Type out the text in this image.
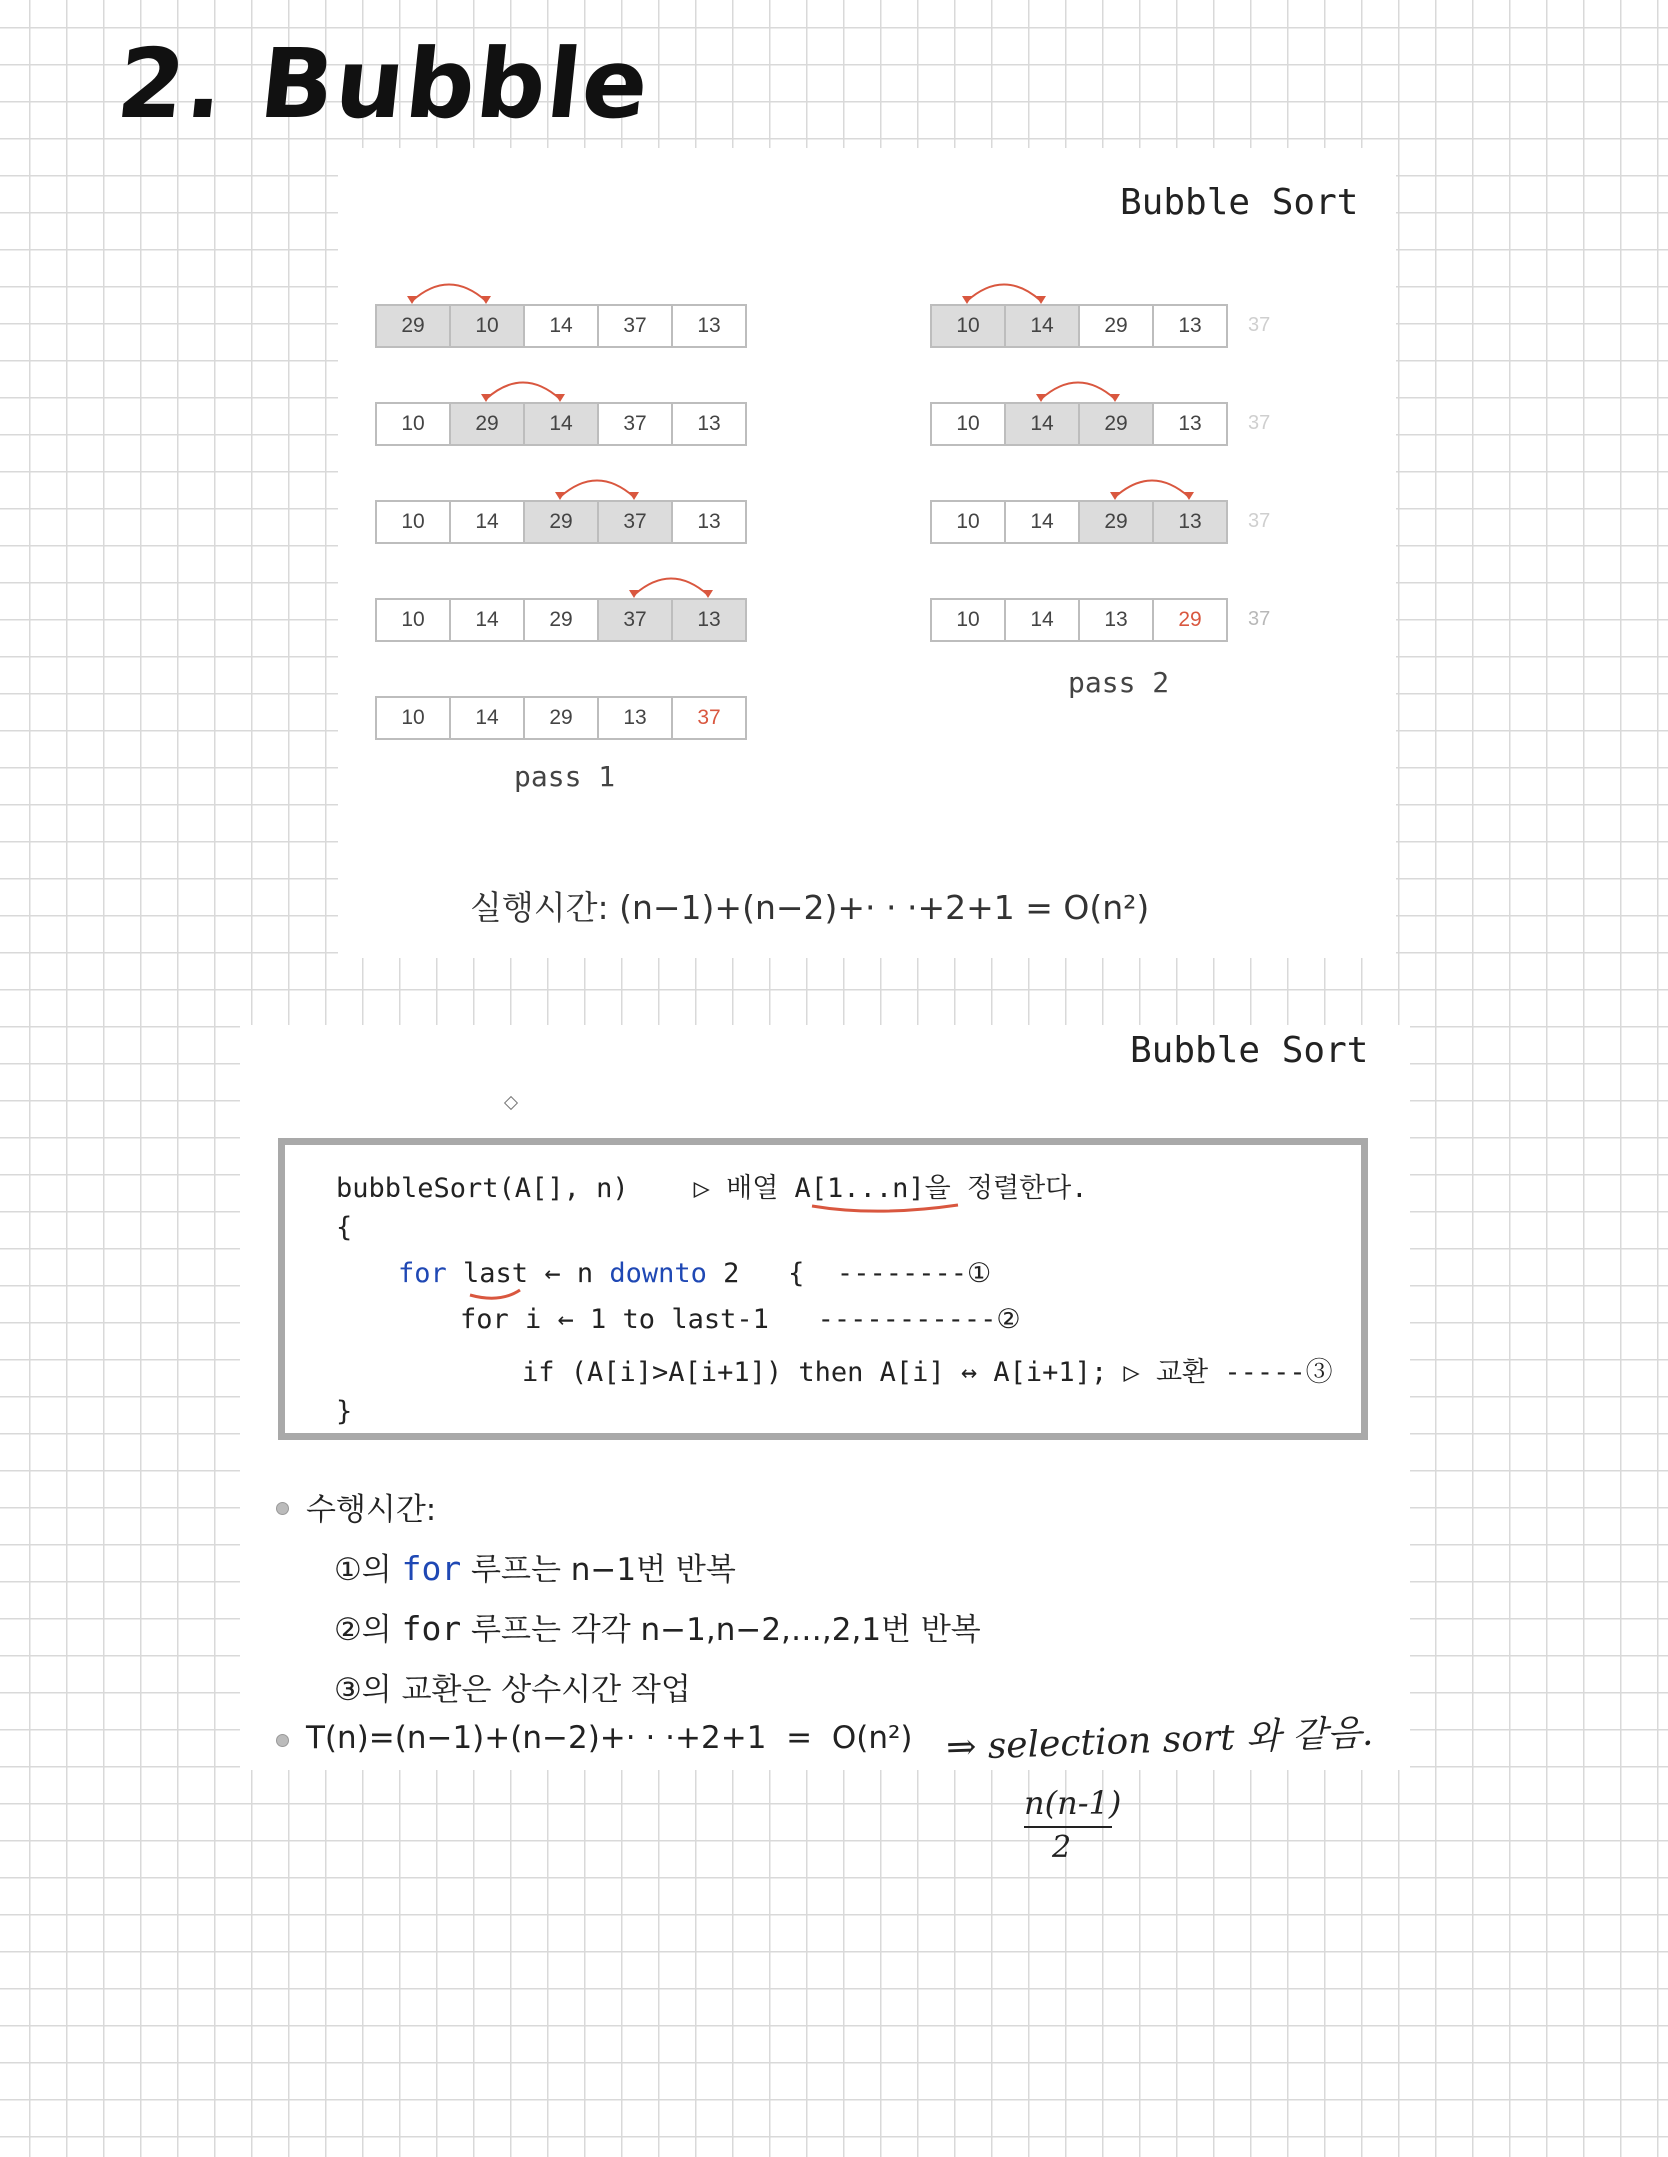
2. Bubble
Bubble Sort
29	10	14	37	13
10	29	14	37	13
10	14	29	37	13
10	14	29	37	13
10	14	29	13	37
10	14	29	13	37
10	14	29	13	37
10	14	29	13	37
10	14	13	29	37
pass 1
pass 2
실행시간: (n−1)+(n−2)+· · ·+2+1 = O(n²)
Bubble Sort
bubbleSort(A[], n)    ▷ 배열 A[1...n]을 정렬한다.
{
for last ← n downto 2   {  --------①
for i ← 1 to last-1   -----------②
if (A[i]>A[i+1]) then A[i] ↔ A[i+1]; ▷ 교환 -----③
}
수행시간:
①의 for 루프는 n−1번 반복
②의 for 루프는 각각 n−1,n−2,…,2,1번 반복
③의 교환은 상수시간 작업
T(n)=(n−1)+(n−2)+· · ·+2+1  =  O(n²) ⇒ selection sort 와 같음.
n(n-1)
2
